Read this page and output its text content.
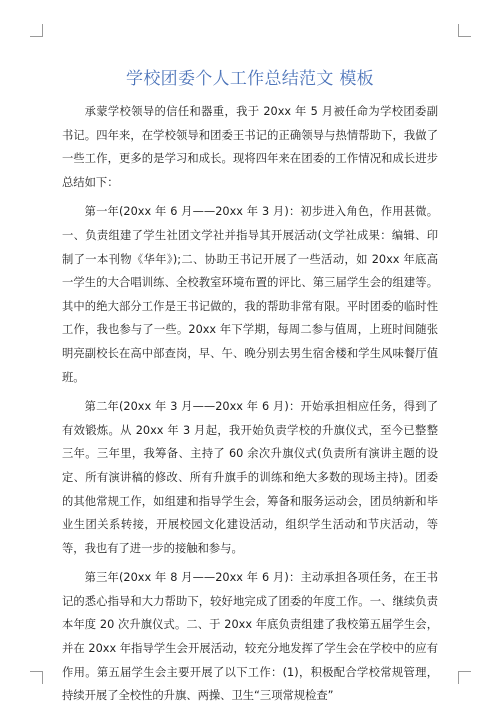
学校团委个人工作总结范文 模板

承蒙学校领导的信任和器重，我于 20xx 年 5 月被任命为学校团委副书记。四年来，在学校领导和团委王书记的正确领导与热情帮助下，我做了一些工作，更多的是学习和成长。现将四年来在团委的工作情况和成长进步总结如下：

第一年(20xx 年 6 月——20xx 年 3 月)：初步进入角色，作用甚微。一、负责组建了学生社团文学社并指导其开展活动(文学社成果：编辑、印制了一本刊物《华年》);二、协助王书记开展了一些活动，如 20xx 年底高一学生的大合唱训练、全校教室环境布置的评比、第三届学生会的组建等。其中的绝大部分工作是王书记做的，我的帮助非常有限。平时团委的临时性工作，我也参与了一些。20xx 年下学期，每周二参与值周，上班时间随张明亮副校长在高中部查岗，早、午、晚分别去男生宿舍楼和学生风味餐厅值班。

第二年(20xx 年 3 月——20xx 年 6 月)：开始承担相应任务，得到了有效锻炼。从 20xx 年 3 月起，我开始负责学校的升旗仪式，至今已整整三年。三年里，我筹备、主持了 60 余次升旗仪式(负责所有演讲主题的设定、所有演讲稿的修改、所有升旗手的训练和绝大多数的现场主持)。团委的其他常规工作，如组建和指导学生会，筹备和服务运动会，团员纳新和毕业生团关系转接，开展校园文化建设活动，组织学生活动和节庆活动，等等，我也有了进一步的接触和参与。

第三年(20xx 年 8 月——20xx 年 6 月)：主动承担各项任务，在王书记的悉心指导和大力帮助下，较好地完成了团委的年度工作。一、继续负责本年度 20 次升旗仪式。二、于 20xx 年底负责组建了我校第五届学生会，并在 20xx 年指导学生会开展活动，较充分地发挥了学生会在学校中的应有作用。第五届学生会主要开展了以下工作：(1)，积极配合学校常规管理，持续开展了全校性的升旗、两操、卫生“三项常规检查”
